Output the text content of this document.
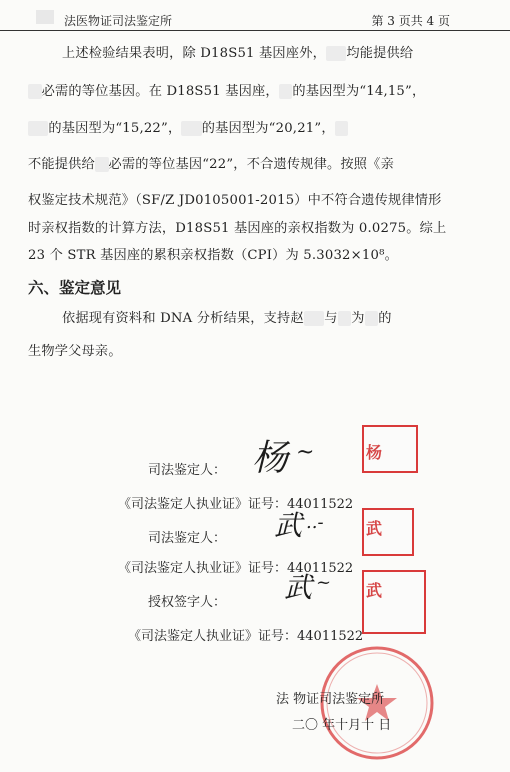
法医物证司法鉴定所	第 3 页共 4 页
上述检验结果表明，除 D18S51 基因座外， 均能提供给
必需的等位基因。在 D18S51 基因座， 的基因型为“14,15”，
的基因型为“15,22”， 的基因型为“20,21”，
不能提供给 必需的等位基因“22”，不合遗传规律。按照《亲
权鉴定技术规范》（SF/Z JD0105001-2015）中不符合遗传规律情形
时亲权指数的计算方法，D18S51 基因座的亲权指数为 0.0275。综上
23 个 STR 基因座的累积亲权指数（CPI）为 5.3032×10⁸。
六、鉴定意见
依据现有资料和 DNA 分析结果，支持赵 与 为 的
生物学父母亲。
司法鉴定人： 杨 ~	杨
《司法鉴定人执业证》证号：44011522
司法鉴定人： 武 ..-	武
《司法鉴定人执业证》证号：44011522
授权签字人： 武 ~ 武
《司法鉴定人执业证》证号：44011522
法 物证司法鉴定所
二〇 年十月十 日
